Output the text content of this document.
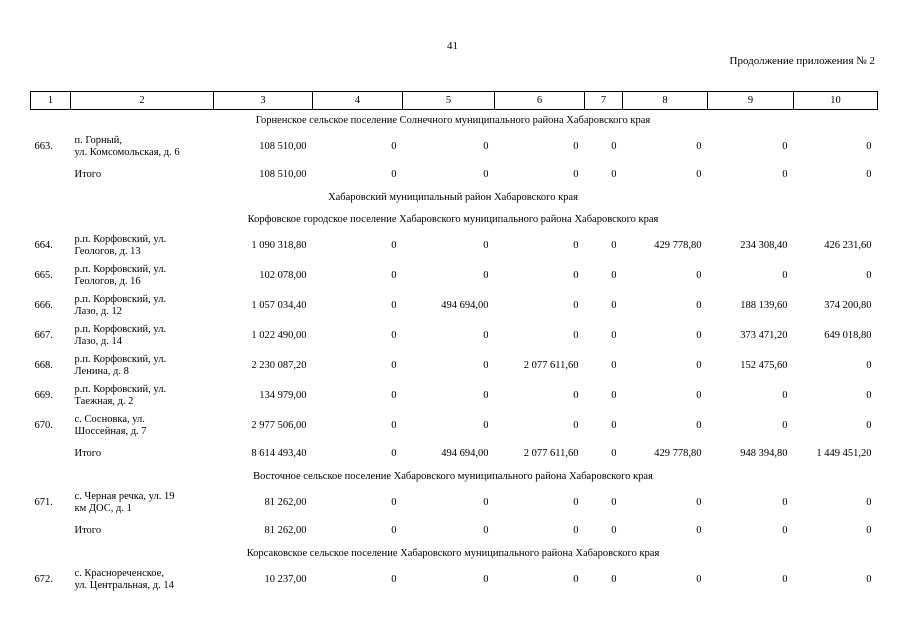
41
Продолжение приложения № 2
1	2	3	4	5	6	7	8	9	10
Горненское сельское поселение Солнечного муниципального района Хабаровского края									
663.	п. Горный,
ул. Комсомольская, д. 6	108 510,00	0	0	0	0	0	0	0
	Итого	108 510,00	0	0	0	0	0	0	0
Хабаровский муниципальный район Хабаровского края									
Корфовское городское поселение Хабаровского муниципального района Хабаровского края									
664.	р.п. Корфовский, ул.
Геологов, д. 13	1 090 318,80	0	0	0	0	429 778,80	234 308,40	426 231,60
665.	р.п. Корфовский, ул.
Геологов, д. 16	102 078,00	0	0	0	0	0	0	0
666.	р.п. Корфовский, ул.
Лазо, д. 12	1 057 034,40	0	494 694,00	0	0	0	188 139,60	374 200,80
667.	р.п. Корфовский, ул.
Лазо, д. 14	1 022 490,00	0	0	0	0	0	373 471,20	649 018,80
668.	р.п. Корфовский, ул.
Ленина, д. 8	2 230 087,20	0	0	2 077 611,60	0	0	152 475,60	0
669.	р.п. Корфовский, ул.
Таежная, д. 2	134 979,00	0	0	0	0	0	0	0
670.	с. Сосновка, ул.
Шоссейная, д. 7	2 977 506,00	0	0	0	0	0	0	0
	Итого	8 614 493,40	0	494 694,00	2 077 611,60	0	429 778,80	948 394,80	1 449 451,20
Восточное сельское поселение Хабаровского муниципального района Хабаровского края									
671.	с. Черная речка, ул. 19
км ДОС, д. 1	81 262,00	0	0	0	0	0	0	0
	Итого	81 262,00	0	0	0	0	0	0	0
Корсаковское сельское поселение Хабаровского муниципального района Хабаровского края									
672.	с. Краснореченское,
ул. Центральная, д. 14	10 237,00	0	0	0	0	0	0	0
